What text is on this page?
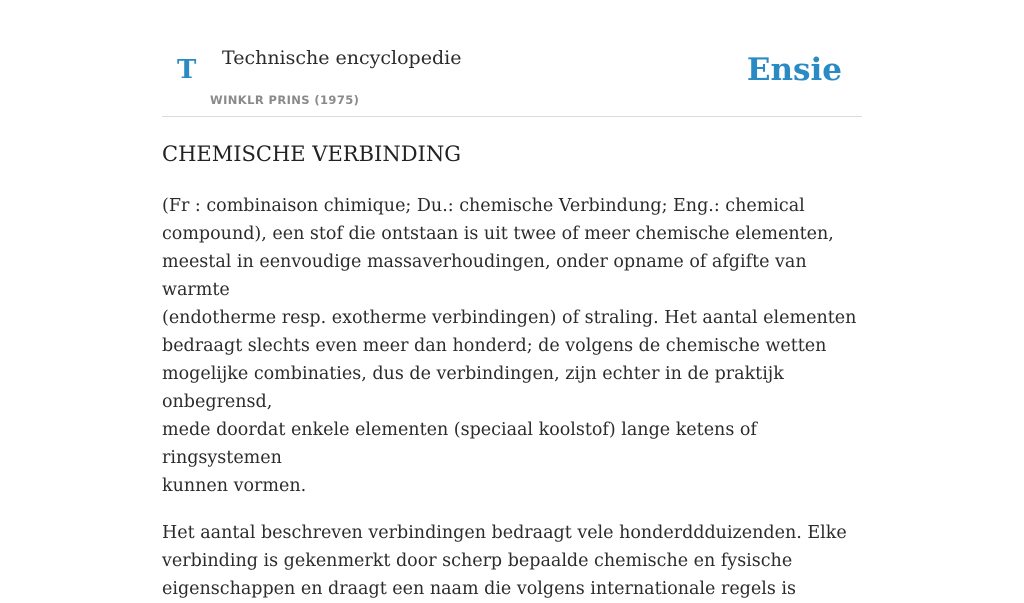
T Technische encyclopedie
WINKLR PRINS (1975)
Ensie
CHEMISCHE VERBINDING

(Fr : combinaison chimique; Du.: chemische Verbindung; Eng.: chemical
compound), een stof die ontstaan is uit twee of meer chemische elementen,
meestal in eenvoudige massaverhoudingen, onder opname of afgifte van warmte
(endotherme resp. exotherme verbindingen) of straling. Het aantal elementen
bedraagt slechts even meer dan honderd; de volgens de chemische wetten
mogelijke combinaties, dus de verbindingen, zijn echter in de praktijk onbegrensd,
mede doordat enkele elementen (speciaal koolstof) lange ketens of ringsystemen
kunnen vormen.

Het aantal beschreven verbindingen bedraagt vele honderddduizenden. Elke
verbinding is gekenmerkt door scherp bepaalde chemische en fysische
eigenschappen en draagt een naam die volgens internationale regels is
